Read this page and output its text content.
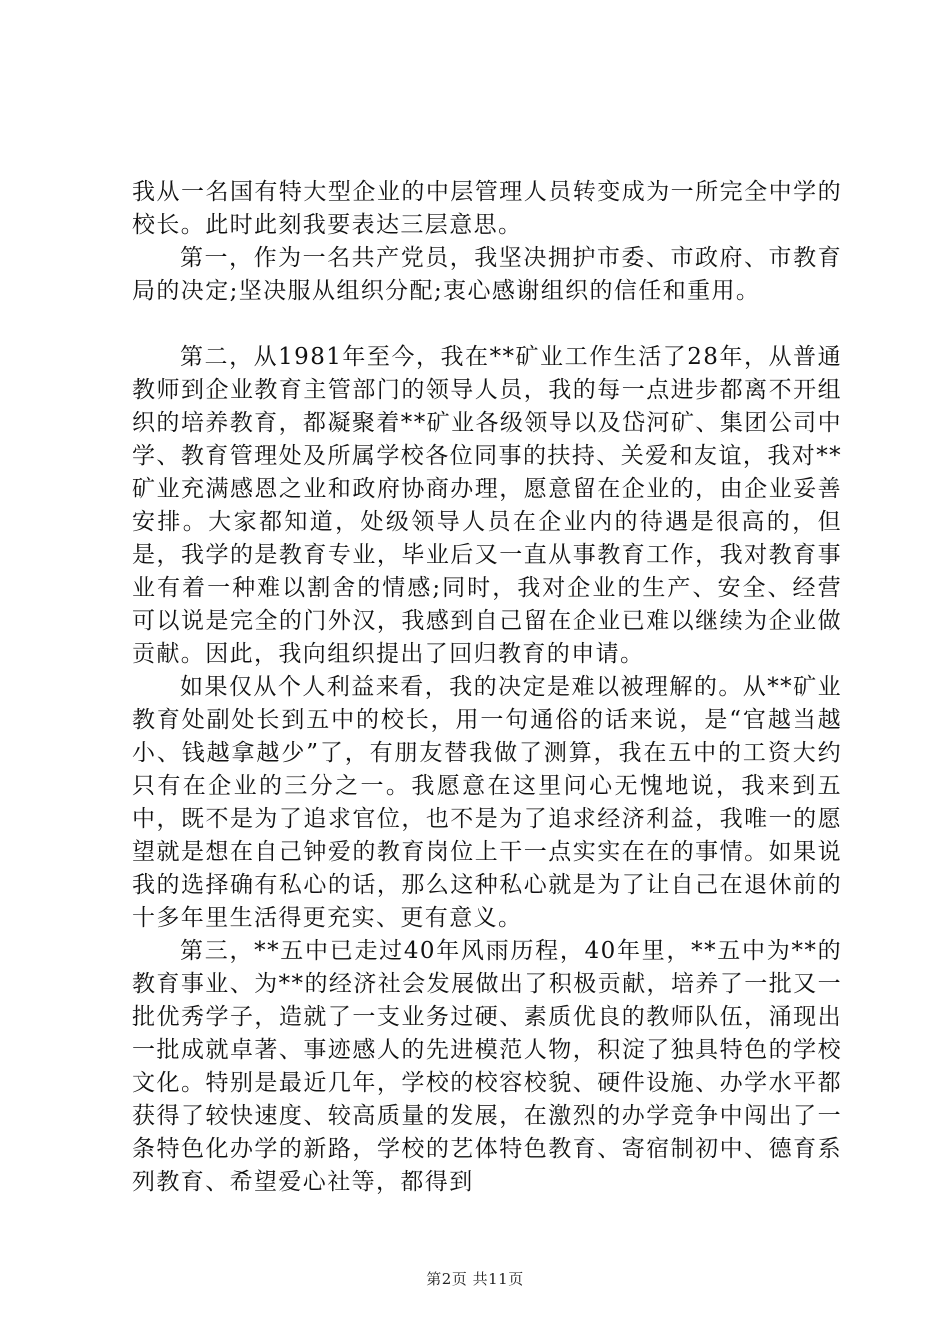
我从一名国有特大型企业的中层管理人员转变成为一所完全中学的校长。此时此刻我要表达三层意思。

第一，作为一名共产党员，我坚决拥护市委、市政府、市教育局的决定;坚决服从组织分配;衷心感谢组织的信任和重用。

第二，从1981年至今，我在**矿业工作生活了28年，从普通教师到企业教育主管部门的领导人员，我的每一点进步都离不开组织的培养教育，都凝聚着**矿业各级领导以及岱河矿、集团公司中学、教育管理处及所属学校各位同事的扶持、关爱和友谊，我对**矿业充满感恩之业和政府协商办理，愿意留在企业的，由企业妥善安排。大家都知道，处级领导人员在企业内的待遇是很高的，但是，我学的是教育专业，毕业后又一直从事教育工作，我对教育事业有着一种难以割舍的情感;同时，我对企业的生产、安全、经营可以说是完全的门外汉，我感到自己留在企业已难以继续为企业做贡献。因此，我向组织提出了回归教育的申请。

如果仅从个人利益来看，我的决定是难以被理解的。从**矿业教育处副处长到五中的校长，用一句通俗的话来说，是“官越当越小、钱越拿越少”了，有朋友替我做了测算，我在五中的工资大约只有在企业的三分之一。我愿意在这里问心无愧地说，我来到五中，既不是为了追求官位，也不是为了追求经济利益，我唯一的愿望就是想在自己钟爱的教育岗位上干一点实实在在的事情。如果说我的选择确有私心的话，那么这种私心就是为了让自己在退休前的十多年里生活得更充实、更有意义。

第三，**五中已走过40年风雨历程，40年里，**五中为**的教育事业、为**的经济社会发展做出了积极贡献，培养了一批又一批优秀学子，造就了一支业务过硬、素质优良的教师队伍，涌现出一批成就卓著、事迹感人的先进模范人物，积淀了独具特色的学校文化。特别是最近几年，学校的校容校貌、硬件设施、办学水平都获得了较快速度、较高质量的发展，在激烈的办学竞争中闯出了一条特色化办学的新路，学校的艺体特色教育、寄宿制初中、德育系列教育、希望爱心社等，都得到

第2页 共11页
